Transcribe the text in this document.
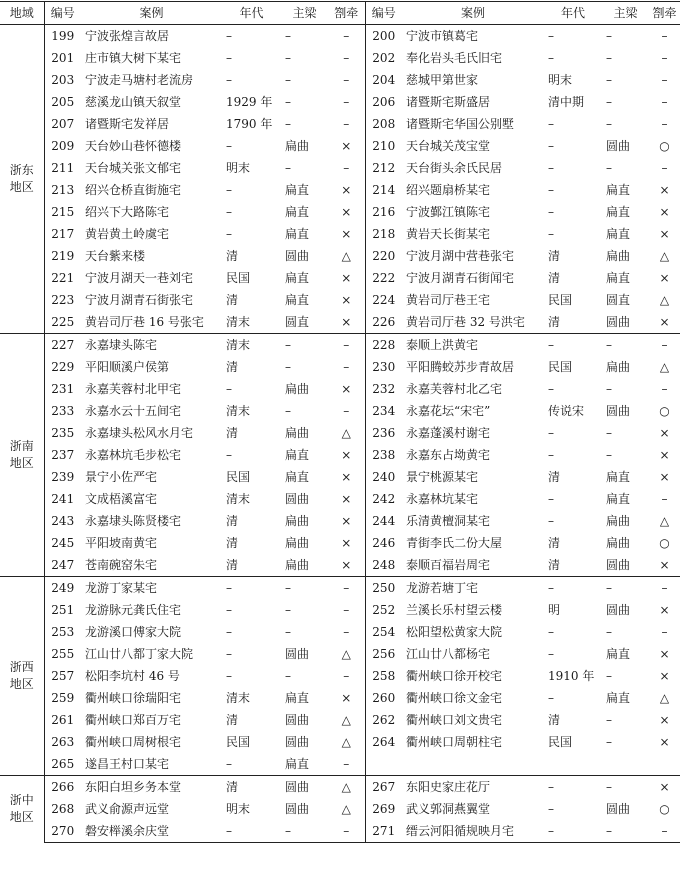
地域	编号	案例	年代	主梁	劄牵	编号	案例	年代	主梁	劄牵
浙东
地区	199	宁波张煌言故居	–	–	–	200	宁波市镇葛宅	–	–	–
	201	庄市镇大树下某宅	–	–	–	202	奉化岩头毛氏旧宅	–	–	–
	203	宁波走马塘村老流房	–	–	–	204	慈城甲第世家	明末	–	–
	205	慈溪龙山镇天叙堂	1929 年	–	–	206	诸暨斯宅斯盛居	清中期	–	–
	207	诸暨斯宅发祥居	1790 年	–	–	208	诸暨斯宅华国公别墅	–	–	–
	209	天台妙山巷怀德楼	–	扁曲	×	210	天台城关茂宝堂	–	圆曲	○
	211	天台城关张文郁宅	明末	–	–	212	天台街头余氏民居	–	–	–
	213	绍兴仓桥直街施宅	–	扁直	×	214	绍兴题扇桥某宅	–	扁直	×
	215	绍兴下大路陈宅	–	扁直	×	216	宁波鄞江镇陈宅	–	扁直	×
	217	黄岩黄土岭虞宅	–	扁直	×	218	黄岩天长街某宅	–	扁直	×
	219	天台紫来楼	清	圆曲	△	220	宁波月湖中营巷张宅	清	扁曲	△
	221	宁波月湖天一巷刘宅	民国	扁直	×	222	宁波月湖青石街闻宅	清	扁直	×
	223	宁波月湖青石街张宅	清	扁直	×	224	黄岩司厅巷王宅	民国	圆直	△
	225	黄岩司厅巷 16 号张宅	清末	圆直	×	226	黄岩司厅巷 32 号洪宅	清	圆曲	×
浙南
地区	227	永嘉埭头陈宅	清末	–	–	228	泰顺上洪黄宅	–	–	–
	229	平阳顺溪户侯第	清	–	–	230	平阳腾蛟苏步青故居	民国	扁曲	△
	231	永嘉芙蓉村北甲宅	–	扁曲	×	232	永嘉芙蓉村北乙宅	–	–	–
	233	永嘉水云十五间宅	清末	–	–	234	永嘉花坛“宋宅”	传说宋	圆曲	○
	235	永嘉埭头松风水月宅	清	扁曲	△	236	永嘉蓬溪村谢宅	–	–	×
	237	永嘉林坑毛步松宅	–	扁直	×	238	永嘉东占坳黄宅	–	–	×
	239	景宁小佐严宅	民国	扁直	×	240	景宁桃源某宅	清	扁直	×
	241	文成梧溪富宅	清末	圆曲	×	242	永嘉林坑某宅	–	扁直	–
	243	永嘉埭头陈贤楼宅	清	扁曲	×	244	乐清黄檀洞某宅	–	扁曲	△
	245	平阳坡南黄宅	清	扁曲	×	246	青街李氏二份大屋	清	扁曲	○
	247	苍南碗窑朱宅	清	扁曲	×	248	泰顺百福岩周宅	清	圆曲	×
浙西
地区	249	龙游丁家某宅	–	–	–	250	龙游若塘丁宅	–	–	–
	251	龙游脉元龚氏住宅	–	–	–	252	兰溪长乐村望云楼	明	圆曲	×
	253	龙游溪口傅家大院	–	–	–	254	松阳望松黄家大院	–	–	–
	255	江山廿八都丁家大院	–	圆曲	△	256	江山廿八都杨宅	–	扁直	×
	257	松阳李坑村 46 号	–	–	–	258	衢州峡口徐开校宅	1910 年	–	×
	259	衢州峡口徐瑞阳宅	清末	扁直	×	260	衢州峡口徐文金宅	–	扁直	△
	261	衢州峡口郑百万宅	清	圆曲	△	262	衢州峡口刘文贵宅	清	–	×
	263	衢州峡口周树根宅	民国	圆曲	△	264	衢州峡口周朝柱宅	民国	–	×
	265	遂昌王村口某宅	–	扁直	–					
浙中
地区	266	东阳白坦乡务本堂	清	圆曲	△	267	东阳史家庄花厅	–	–	×
	268	武义俞源声远堂	明末	圆曲	△	269	武义郭洞燕翼堂	–	圆曲	○
	270	磐安榉溪余庆堂	–	–	–	271	缙云河阳循规映月宅	–	–	–
